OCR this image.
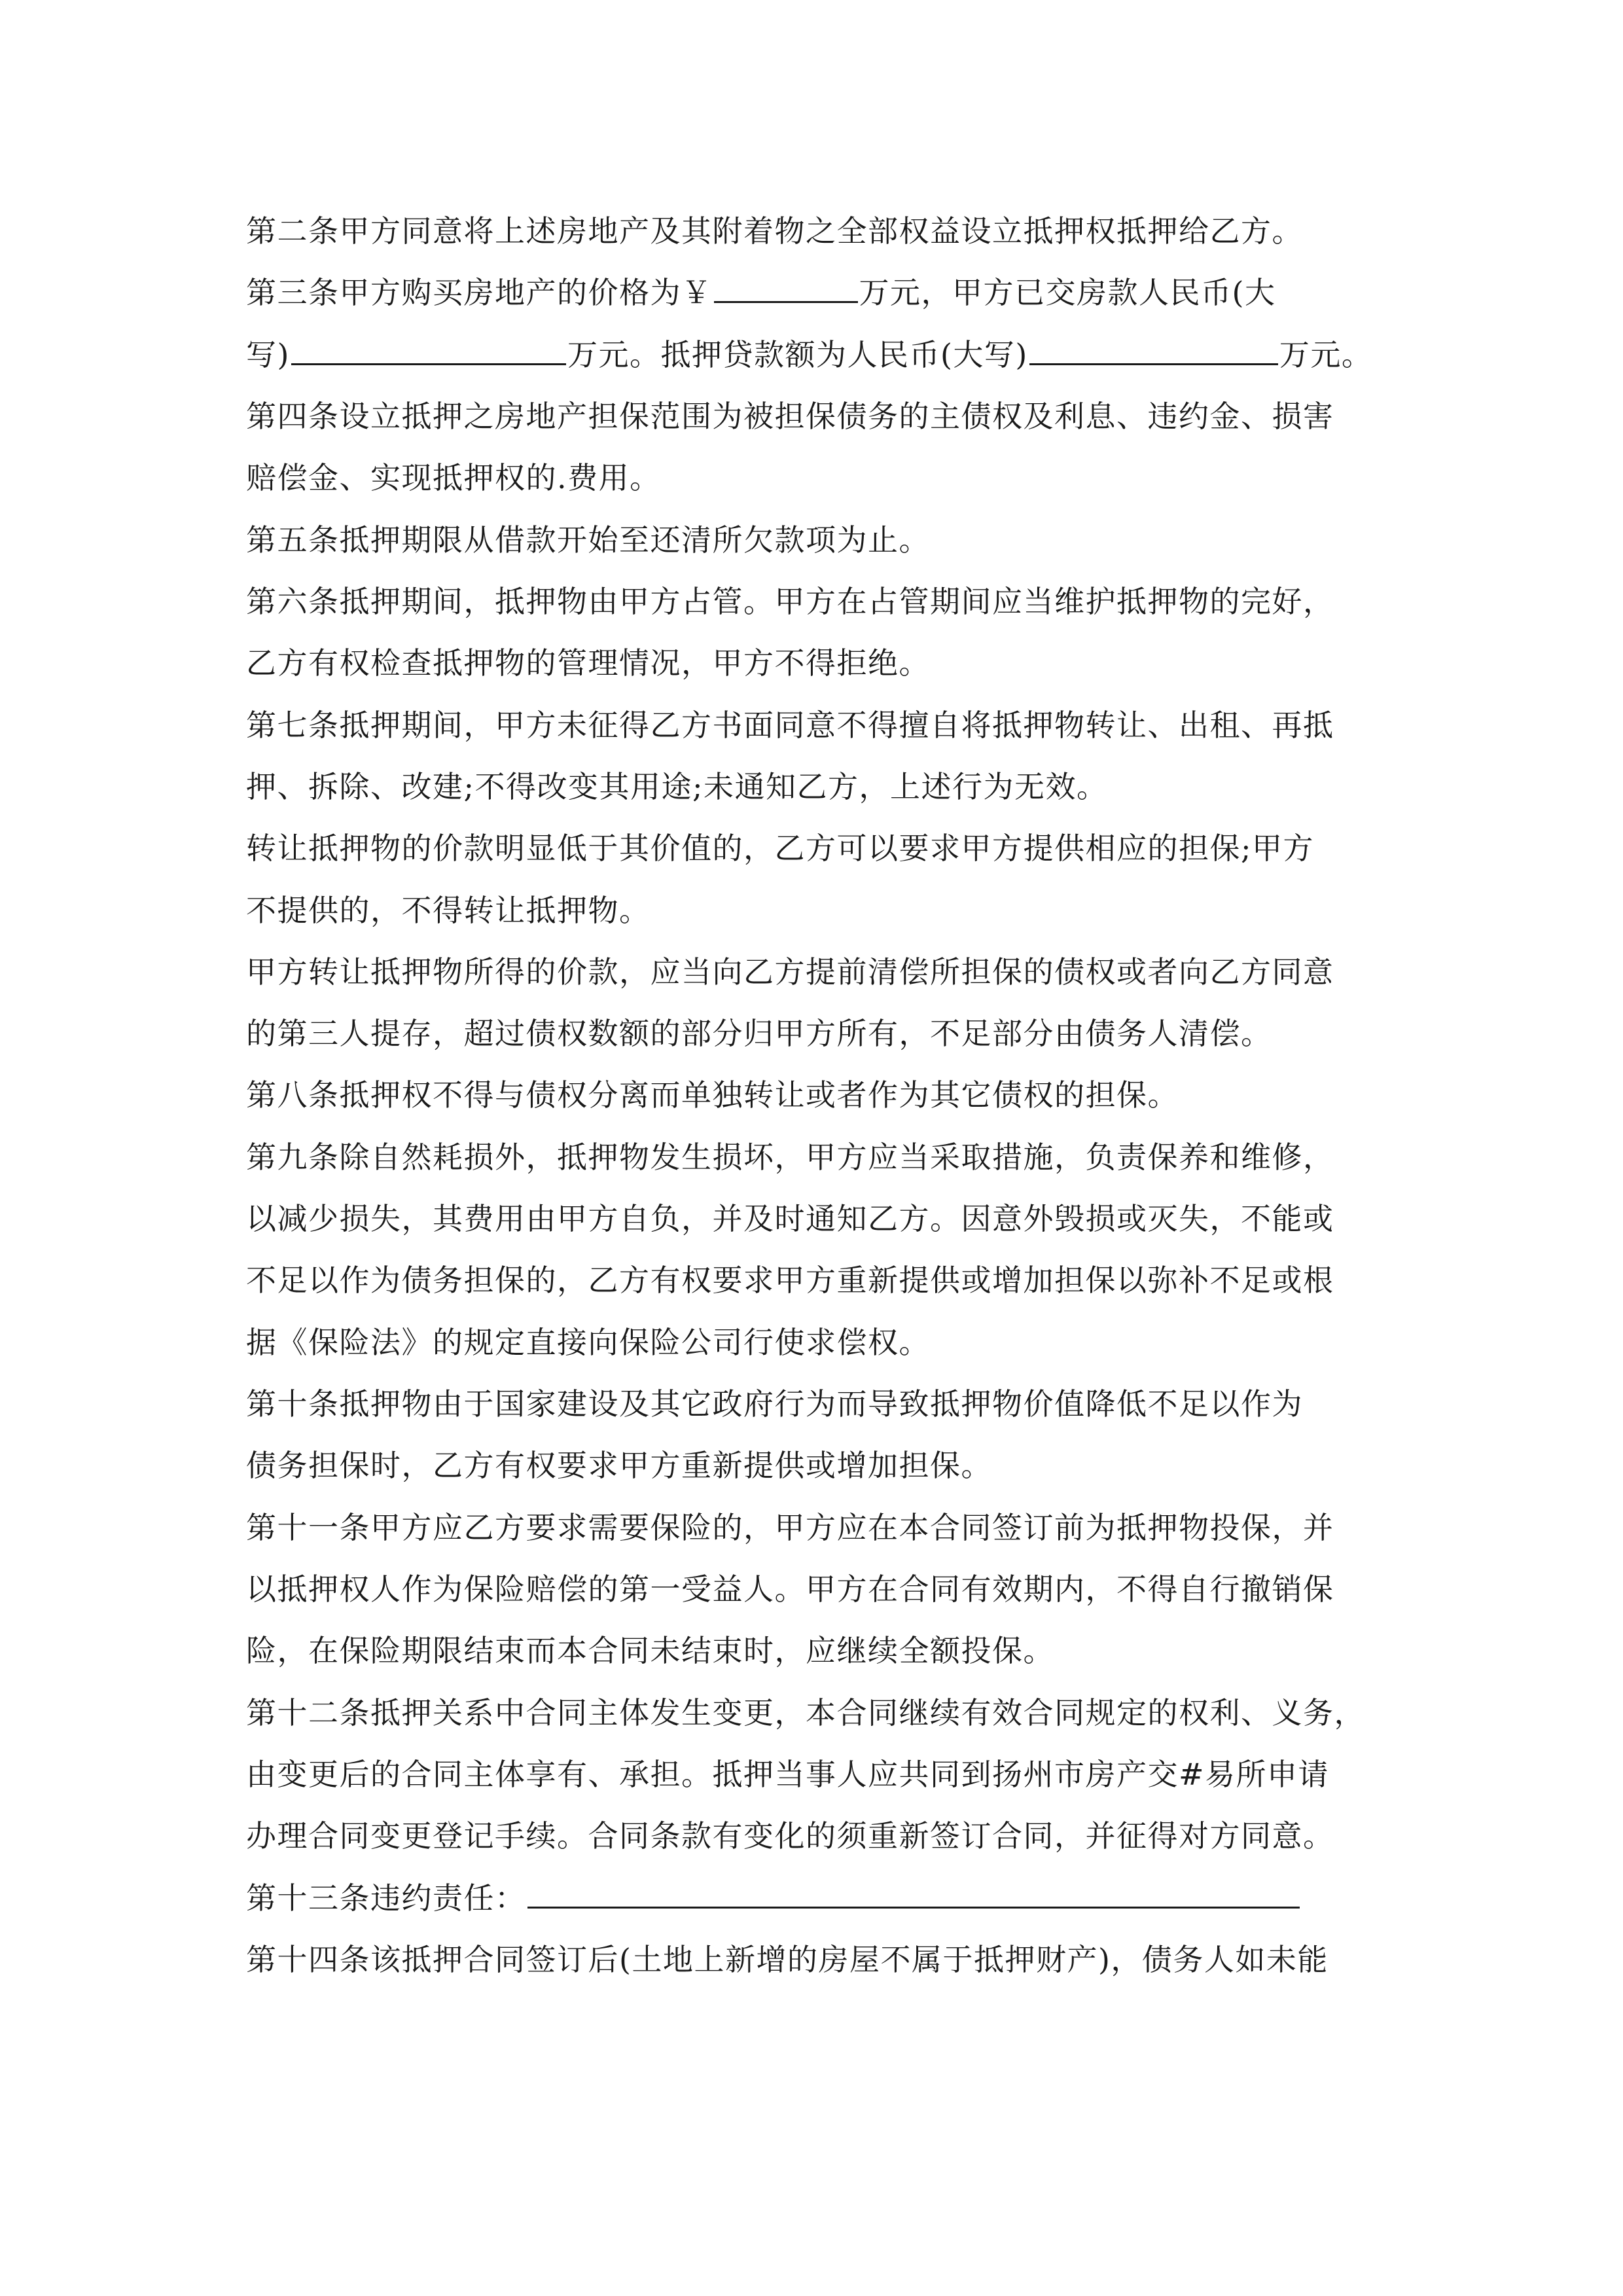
第二条甲方同意将上述房地产及其附着物之全部权益设立抵押权抵押给乙方。
第三条甲方购买房地产的价格为￥	万元，甲方已交房款人民币(大
写)	万元。抵押贷款额为人民币(大写)	万元。
第四条设立抵押之房地产担保范围为被担保债务的主债权及利息、违约金、损害
赔偿金、实现抵押权的.费用。
第五条抵押期限从借款开始至还清所欠款项为止。
第六条抵押期间，抵押物由甲方占管。甲方在占管期间应当维护抵押物的完好，
乙方有权检查抵押物的管理情况，甲方不得拒绝。
第七条抵押期间，甲方未征得乙方书面同意不得擅自将抵押物转让、出租、再抵
押、拆除、改建;不得改变其用途;未通知乙方，上述行为无效。
转让抵押物的价款明显低于其价值的，乙方可以要求甲方提供相应的担保;甲方
不提供的，不得转让抵押物。
甲方转让抵押物所得的价款，应当向乙方提前清偿所担保的债权或者向乙方同意
的第三人提存，超过债权数额的部分归甲方所有，不足部分由债务人清偿。
第八条抵押权不得与债权分离而单独转让或者作为其它债权的担保。
第九条除自然耗损外，抵押物发生损坏，甲方应当采取措施，负责保养和维修，
以减少损失，其费用由甲方自负，并及时通知乙方。因意外毁损或灭失，不能或
不足以作为债务担保的，乙方有权要求甲方重新提供或增加担保以弥补不足或根
据《保险法》的规定直接向保险公司行使求偿权。
第十条抵押物由于国家建设及其它政府行为而导致抵押物价值降低不足以作为
债务担保时，乙方有权要求甲方重新提供或增加担保。
第十一条甲方应乙方要求需要保险的，甲方应在本合同签订前为抵押物投保，并
以抵押权人作为保险赔偿的第一受益人。甲方在合同有效期内，不得自行撤销保
险，在保险期限结束而本合同未结束时，应继续全额投保。
第十二条抵押关系中合同主体发生变更，本合同继续有效合同规定的权利、义务，
由变更后的合同主体享有、承担。抵押当事人应共同到扬州市房产交#易所申请
办理合同变更登记手续。合同条款有变化的须重新签订合同，并征得对方同意。
第十三条违约责任：
第十四条该抵押合同签订后(土地上新增的房屋不属于抵押财产)，债务人如未能
